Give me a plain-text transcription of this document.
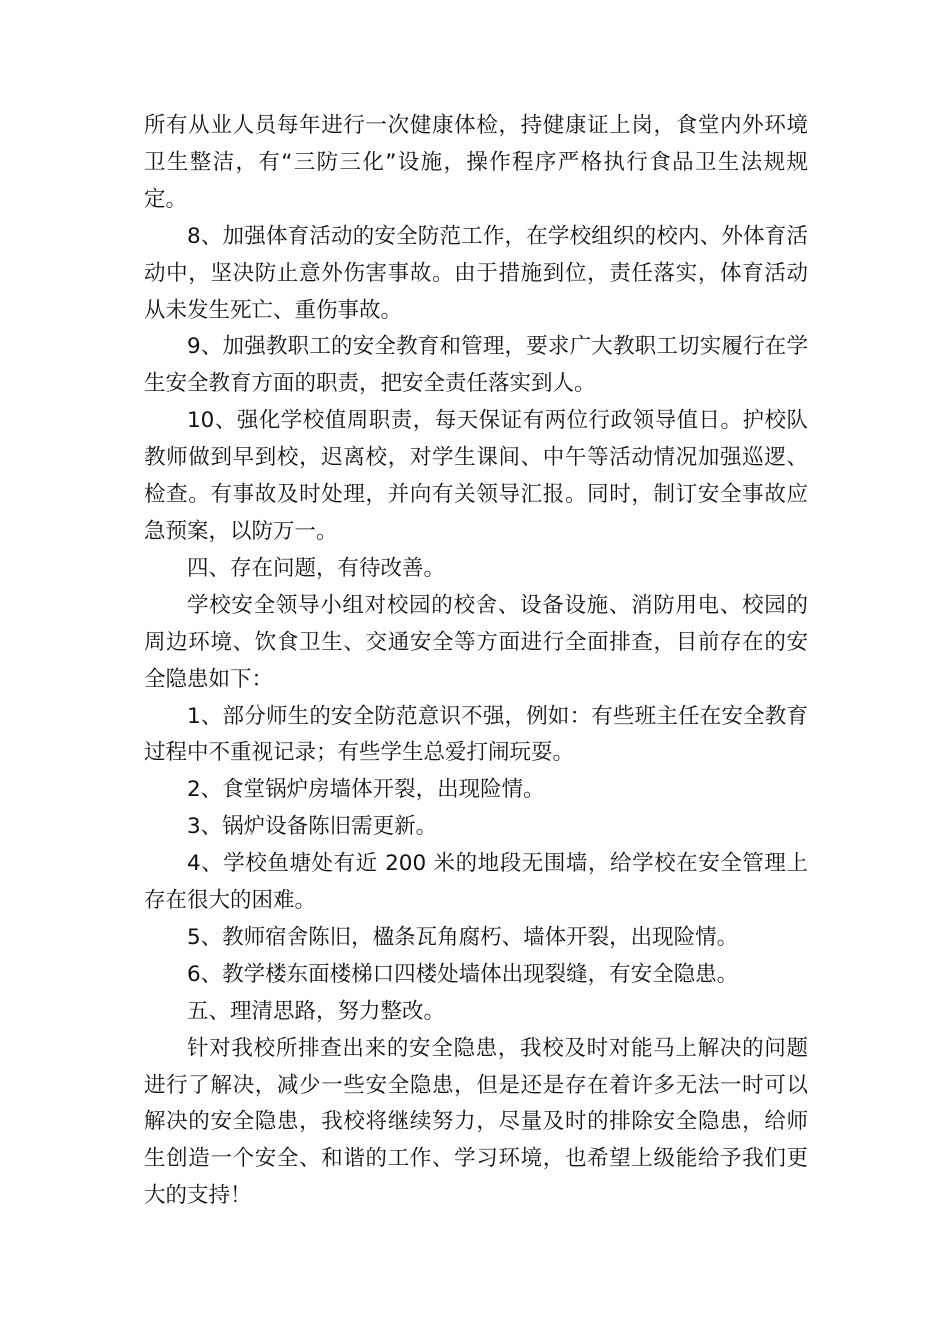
所有从业人员每年进行一次健康体检，持健康证上岗，食堂内外环境卫生整洁，有“三防三化”设施，操作程序严格执行食品卫生法规规定。

8、加强体育活动的安全防范工作，在学校组织的校内、外体育活动中，坚决防止意外伤害事故。由于措施到位，责任落实，体育活动从未发生死亡、重伤事故。

9、加强教职工的安全教育和管理，要求广大教职工切实履行在学生安全教育方面的职责，把安全责任落实到人。

10、强化学校值周职责，每天保证有两位行政领导值日。护校队教师做到早到校，迟离校，对学生课间、中午等活动情况加强巡逻、检查。有事故及时处理，并向有关领导汇报。同时，制订安全事故应急预案，以防万一。

四、存在问题，有待改善。

学校安全领导小组对校园的校舍、设备设施、消防用电、校园的周边环境、饮食卫生、交通安全等方面进行全面排查，目前存在的安全隐患如下：

1、部分师生的安全防范意识不强，例如：有些班主任在安全教育过程中不重视记录；有些学生总爱打闹玩耍。

2、食堂锅炉房墙体开裂，出现险情。

3、锅炉设备陈旧需更新。

4、学校鱼塘处有近 200 米的地段无围墙，给学校在安全管理上存在很大的困难。

5、教师宿舍陈旧，楹条瓦角腐朽、墙体开裂，出现险情。

6、教学楼东面楼梯口四楼处墙体出现裂缝，有安全隐患。

五、理清思路，努力整改。

针对我校所排查出来的安全隐患，我校及时对能马上解决的问题进行了解决，减少一些安全隐患，但是还是存在着许多无法一时可以解决的安全隐患，我校将继续努力，尽量及时的排除安全隐患，给师生创造一个安全、和谐的工作、学习环境，也希望上级能给予我们更大的支持！
